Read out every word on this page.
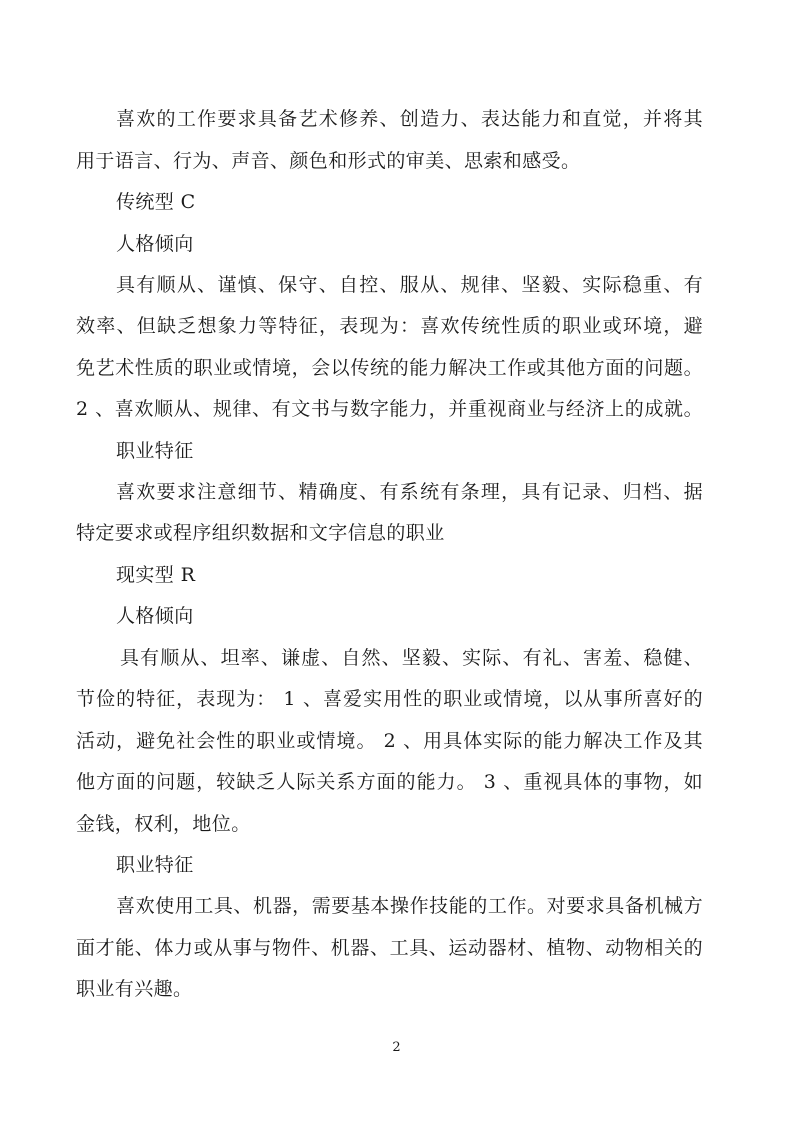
喜欢的工作要求具备艺术修养、创造力、表达能力和直觉，并将其
用于语言、行为、声音、颜色和形式的审美、思索和感受。
传统型 C
人格倾向
具有顺从、谨慎、保守、自控、服从、规律、坚毅、实际稳重、有
效率、但缺乏想象力等特征，表现为：喜欢传统性质的职业或环境，避
免艺术性质的职业或情境，会以传统的能力解决工作或其他方面的问题。
2 、喜欢顺从、规律、有文书与数字能力，并重视商业与经济上的成就。
职业特征
喜欢要求注意细节、精确度、有系统有条理，具有记录、归档、据
特定要求或程序组织数据和文字信息的职业
现实型 R
人格倾向
具有顺从、坦率、谦虚、自然、坚毅、实际、有礼、害羞、稳健、
节俭的特征，表现为： 1 、喜爱实用性的职业或情境，以从事所喜好的
活动，避免社会性的职业或情境。 2 、用具体实际的能力解决工作及其
他方面的问题，较缺乏人际关系方面的能力。 3 、重视具体的事物，如
金钱，权利，地位。
职业特征
喜欢使用工具、机器，需要基本操作技能的工作。对要求具备机械方
面才能、体力或从事与物件、机器、工具、运动器材、植物、动物相关的
职业有兴趣。
2
